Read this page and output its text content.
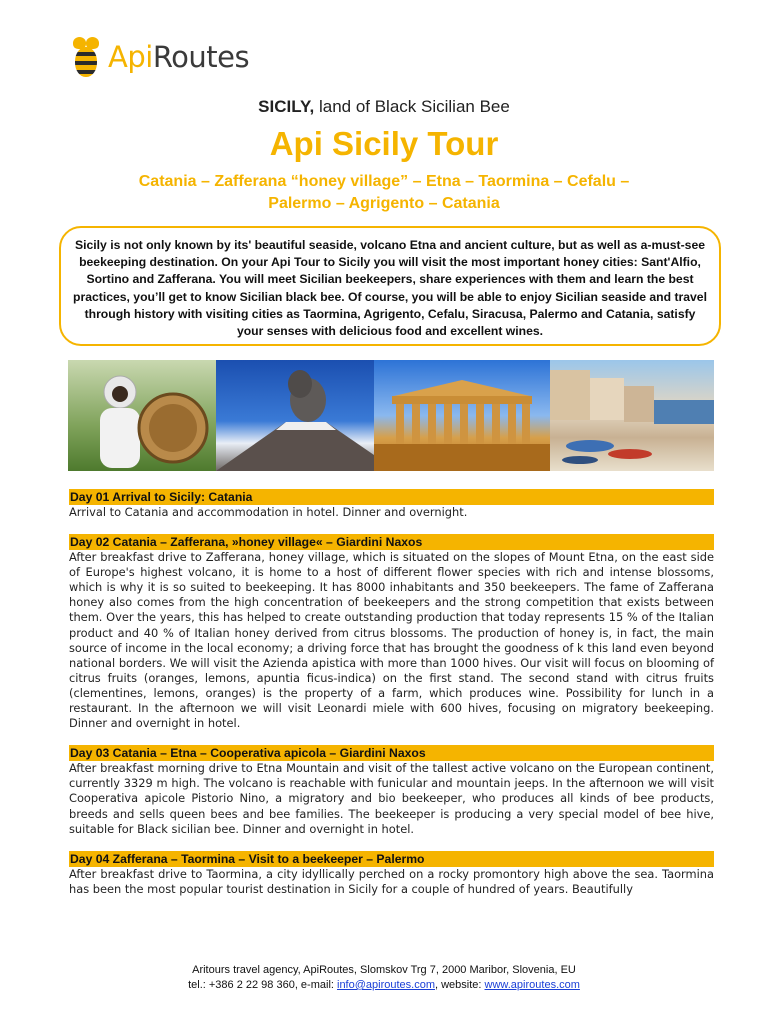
ApiRoutes
SICILY, land of Black Sicilian Bee
Api Sicily Tour
Catania – Zafferana “honey village” – Etna – Taormina – Cefalu –
Palermo – Agrigento – Catania
Sicily is not only known by its' beautiful seaside, volcano Etna and ancient culture, but as well as a-must-see beekeeping destination. On your Api Tour to Sicily you will visit the most important honey cities: Sant'Alfio, Sortino and Zafferana. You will meet Sicilian beekeepers, share experiences with them and learn the best practices, you’ll get to know Sicilian black bee. Of course, you will be able to enjoy Sicilian seaside and travel through history with visiting cities as Taormina, Agrigento, Cefalu, Siracusa, Palermo and Catania, satisfy your senses with delicious food and excellent wines.
Day 01 Arrival to Sicily: Catania
Arrival to Catania and accommodation in hotel. Dinner and overnight.
Day 02 Catania – Zafferana, »honey village« – Giardini Naxos
After breakfast drive to Zafferana, honey village, which is situated on the slopes of Mount Etna, on the east side of Europe's highest volcano, it is home to a host of different flower species with rich and intense blossoms, which is why it is so suited to beekeeping. It has 8000 inhabitants and 350 beekeepers. The fame of Zafferana honey also comes from the high concentration of beekeepers and the strong competition that exists between them. Over the years, this has helped to create outstanding production that today represents 15 % of the Italian product and 40 % of Italian honey derived from citrus blossoms. The production of honey is, in fact, the main source of income in the local economy; a driving force that has brought the goodness of k this land even beyond national borders. We will visit the Azienda apistica with more than 1000 hives. Our visit will focus on blooming of citrus fruits (oranges, lemons, apuntia ficus-indica) on the first stand. The second stand with citrus fruits (clementines, lemons, oranges) is the property of a farm, which produces wine. Possibility for lunch in a restaurant. In the afternoon we will visit Leonardi miele with 600 hives, focusing on migratory beekeeping. Dinner and overnight in hotel.
Day 03 Catania – Etna – Cooperativa apicola – Giardini Naxos
After breakfast morning drive to Etna Mountain and visit of the tallest active volcano on the European continent, currently 3329 m high. The volcano is reachable with funicular and mountain jeeps. In the afternoon we will visit Cooperativa apicole Pistorio Nino, a migratory and bio beekeeper, who produces all kinds of bee products, breeds and sells queen bees and bee families. The beekeeper is producing a very special model of bee hive, suitable for Black sicilian bee. Dinner and overnight in hotel.
Day 04 Zafferana – Taormina – Visit to a beekeeper – Palermo
After breakfast drive to Taormina, a city idyllically perched on a rocky promontory high above the sea. Taormina has been the most popular tourist destination in Sicily for a couple of hundred of years. Beautifully
Aritours travel agency, ApiRoutes, Slomskov Trg 7, 2000 Maribor, Slovenia, EU
tel.: +386 2 22 98 360, e-mail: info@apiroutes.com, website: www.apiroutes.com
